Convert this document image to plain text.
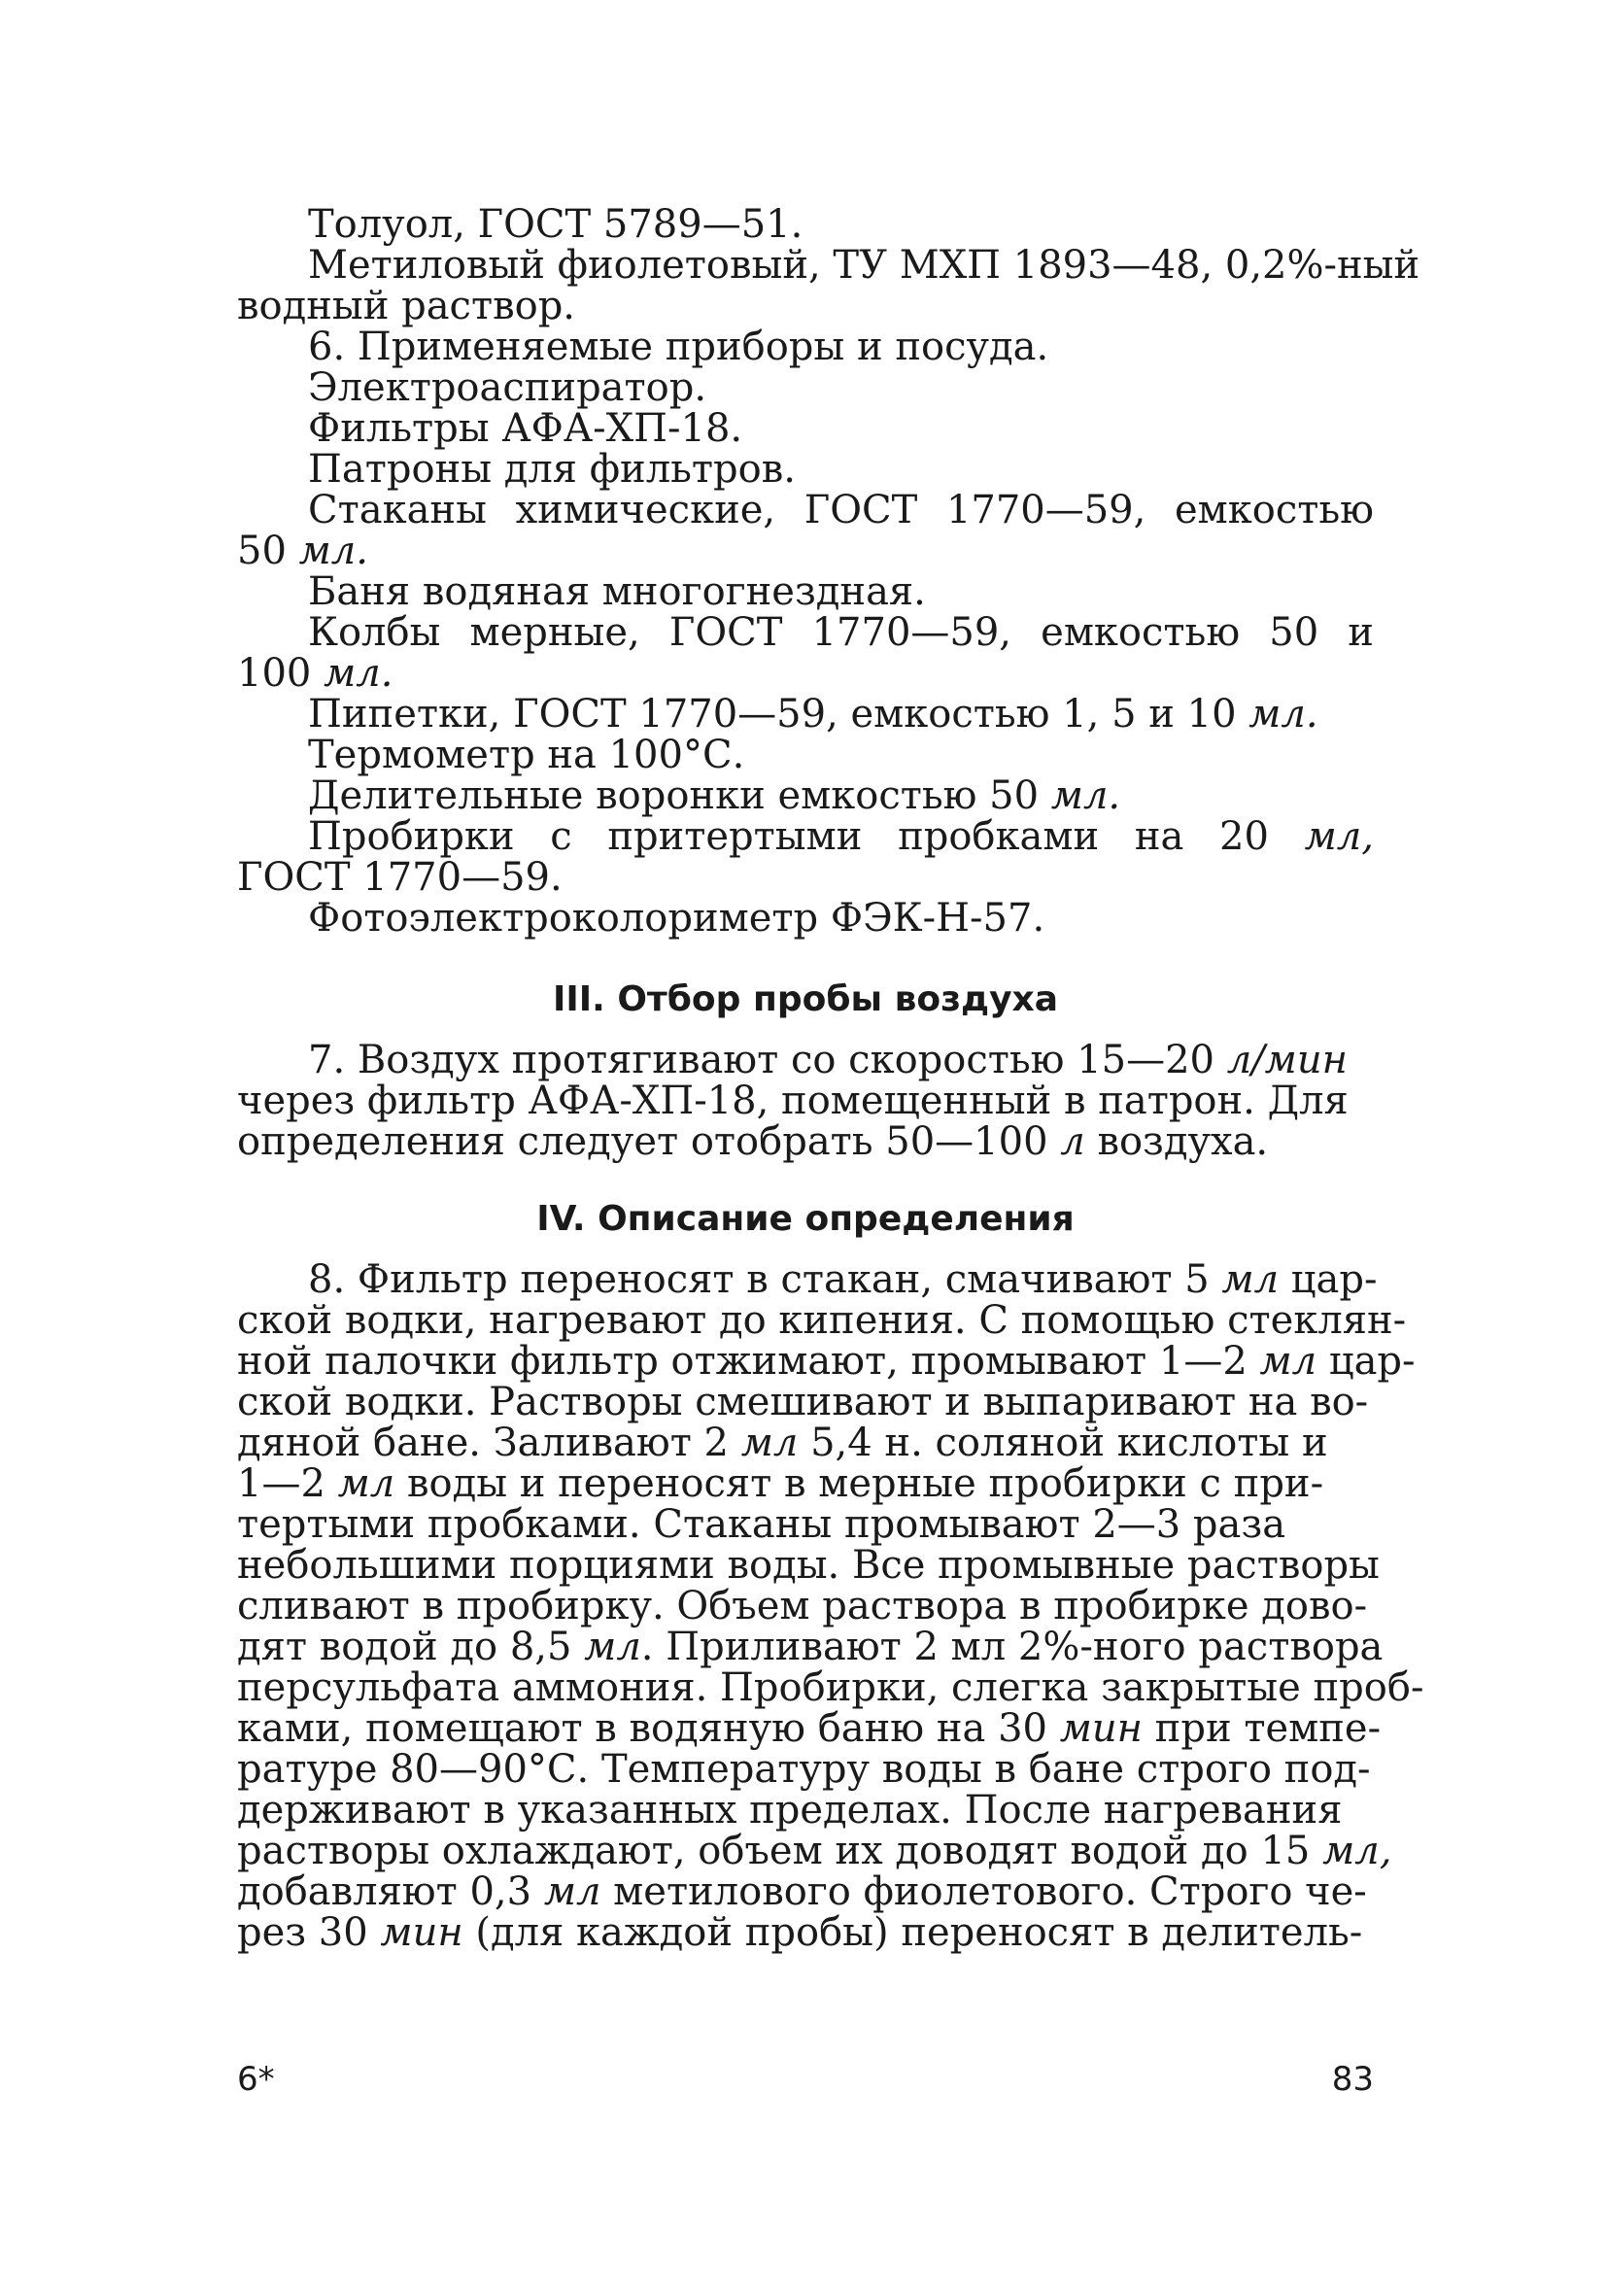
Толуол, ГОСТ 5789—51.

Метиловый фиолетовый, ТУ МХП 1893—48, 0,2%-ный

водный раствор.

6. Применяемые приборы и посуда.

Электроаспиратор.

Фильтры АФА-ХП-18.

Патроны для фильтров.

Стаканы химические, ГОСТ 1770—59, емкостью

50 мл.

Баня водяная многогнездная.

Колбы мерные, ГОСТ 1770—59, емкостью 50 и

100 мл.

Пипетки, ГОСТ 1770—59, емкостью 1, 5 и 10 мл.

Термометр на 100°С.

Делительные воронки емкостью 50 мл.

Пробирки с притертыми пробками на 20 мл,

ГОСТ 1770—59.

Фотоэлектроколориметр ФЭК-Н-57.

III. Отбор пробы воздуха

7. Воздух протягивают со скоростью 15—20 л/мин

через фильтр АФА-ХП-18, помещенный в патрон. Для

определения следует отобрать 50—100 л воздуха.

IV. Описание определения

8. Фильтр переносят в стакан, смачивают 5 мл цар-

ской водки, нагревают до кипения. С помощью стеклян-

ной палочки фильтр отжимают, промывают 1—2 мл цар-

ской водки. Растворы смешивают и выпаривают на во-

дяной бане. Заливают 2 мл 5,4 н. соляной кислоты и

1—2 мл воды и переносят в мерные пробирки с при-

тертыми пробками. Стаканы промывают 2—3 раза

небольшими порциями воды. Все промывные растворы

сливают в пробирку. Объем раствора в пробирке дово-

дят водой до 8,5 мл. Приливают 2 мл 2%-ного раствора

персульфата аммония. Пробирки, слегка закрытые проб-

ками, помещают в водяную баню на 30 мин при темпе-

ратуре 80—90°С. Температуру воды в бане строго под-

держивают в указанных пределах. После нагревания

растворы охлаждают, объем их доводят водой до 15 мл,

добавляют 0,3 мл метилового фиолетового. Строго че-

рез 30 мин (для каждой пробы) переносят в делитель-

6*	83
